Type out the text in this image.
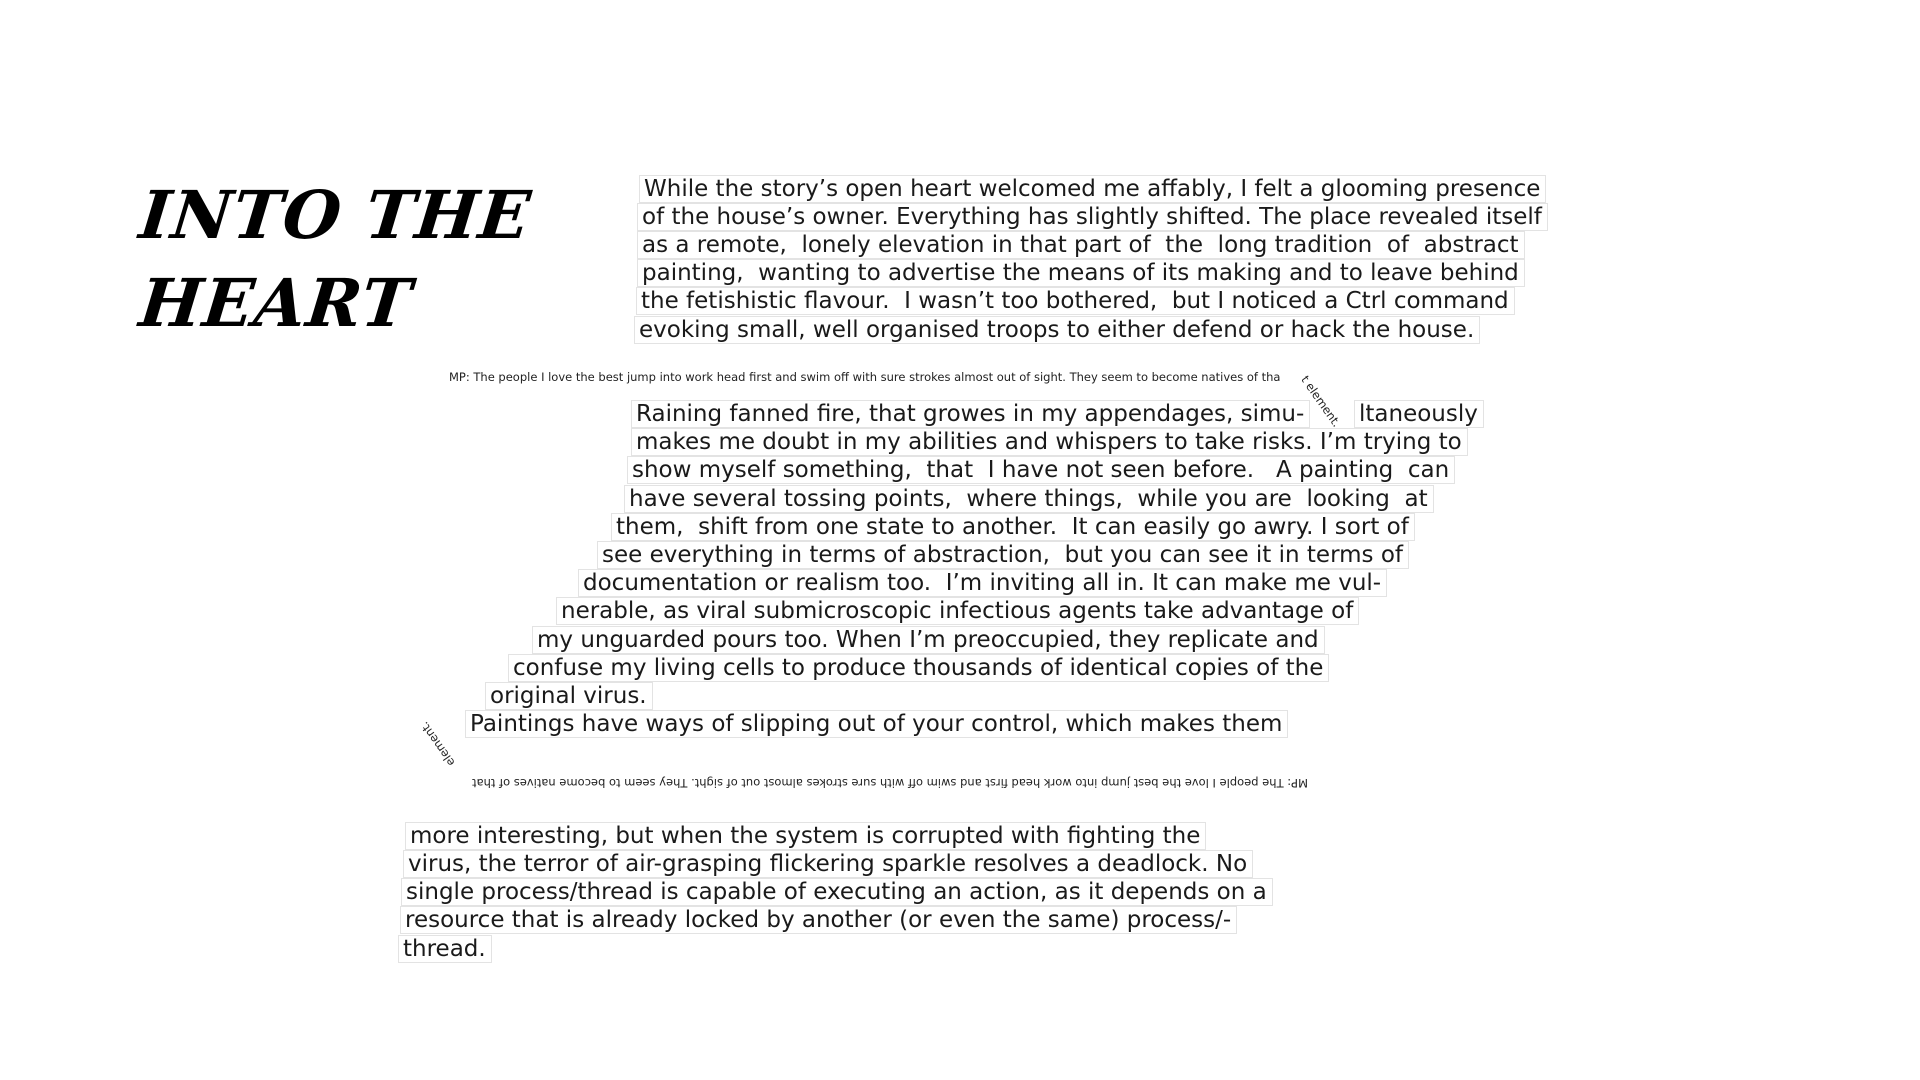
INTO THE
HEART
While the story’s open heart welcomed me affably, I felt a glooming presence
of the house’s owner. Everything has slightly shifted. The place revealed itself
as a remote,  lonely elevation in that part of  the  long tradition  of  abstract
painting,  wanting to advertise the means of its making and to leave behind
the fetishistic flavour.  I wasn’t too bothered,  but I noticed a Ctrl command
evoking small, well organised troops to either defend or hack the house.
MP: The people I love the best jump into work head first and swim off with sure strokes almost out of sight. They seem to become natives of tha t element.
Raining fanned fire, that growes in my appendages, simu- ltaneously
makes me doubt in my abilities and whispers to take risks. I’m trying to
show myself something,  that  I have not seen before.   A painting  can
have several tossing points,  where things,  while you are  looking  at
them,  shift from one state to another.  It can easily go awry. I sort of
see everything in terms of abstraction,  but you can see it in terms of
documentation or realism too.  I’m inviting all in. It can make me vul-
nerable, as viral submicroscopic infectious agents take advantage of
my unguarded pours too. When I’m preoccupied, they replicate and
confuse my living cells to produce thousands of identical copies of the
original virus.
Paintings have ways of slipping out of your control, which makes them
MP: The people I love the best jump into work head first and swim off with sure strokes almost out of sight. They seem to become natives of that
element.
more interesting, but when the system is corrupted with fighting the
virus, the terror of air-grasping flickering sparkle resolves a deadlock. No
single process/thread is capable of executing an action, as it depends on a
resource that is already locked by another (or even the same) process/-
thread.
